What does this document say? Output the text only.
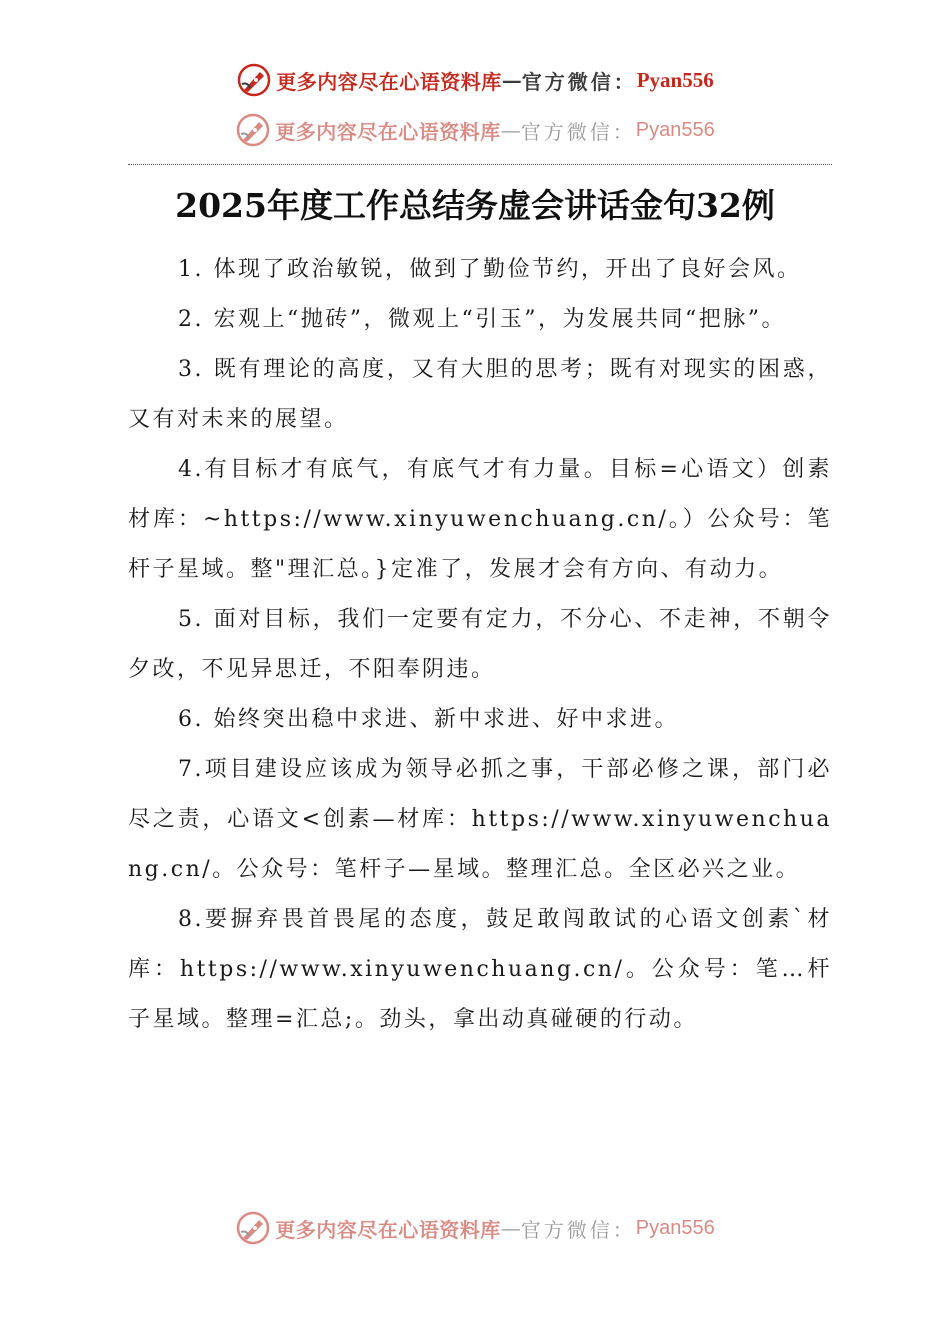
更多内容尽在心语资料库 — 官方微信： Pyan556
更多内容尽在心语资料库 — 官方微信： Pyan556
2025年度工作总结务虚会讲话金句32例

1. 体现了政治敏锐，做到了勤俭节约，开出了良好会风。

2. 宏观上“抛砖”，微观上“引玉”，为发展共同“把脉”。

3. 既有理论的高度，又有大胆的思考；既有对现实的困惑，又有对未来的展望。

4.有目标才有底气，有底气才有力量。目标=心语文）创素材库：~https://www.xinyuwenchuang.cn/。）公众号：笔杆子星域。整"理汇总。}定准了，发展才会有方向、有动力。

5. 面对目标，我们一定要有定力，不分心、不走神，不朝令夕改，不见异思迁，不阳奉阴违。

6. 始终突出稳中求进、新中求进、好中求进。

7.项目建设应该成为领导必抓之事，干部必修之课，部门必尽之责，心语文<创素—材库：https://www.xinyuwenchuang.cn/。公众号：笔杆子—星域。整理汇总。全区必兴之业。

8.要摒弃畏首畏尾的态度，鼓足敢闯敢试的心语文创素`材库：https://www.xinyuwenchuang.cn/。公众号：笔…杆子星域。整理=汇总;。劲头，拿出动真碰硬的行动。

更多内容尽在心语资料库 — 官方微信： Pyan556
